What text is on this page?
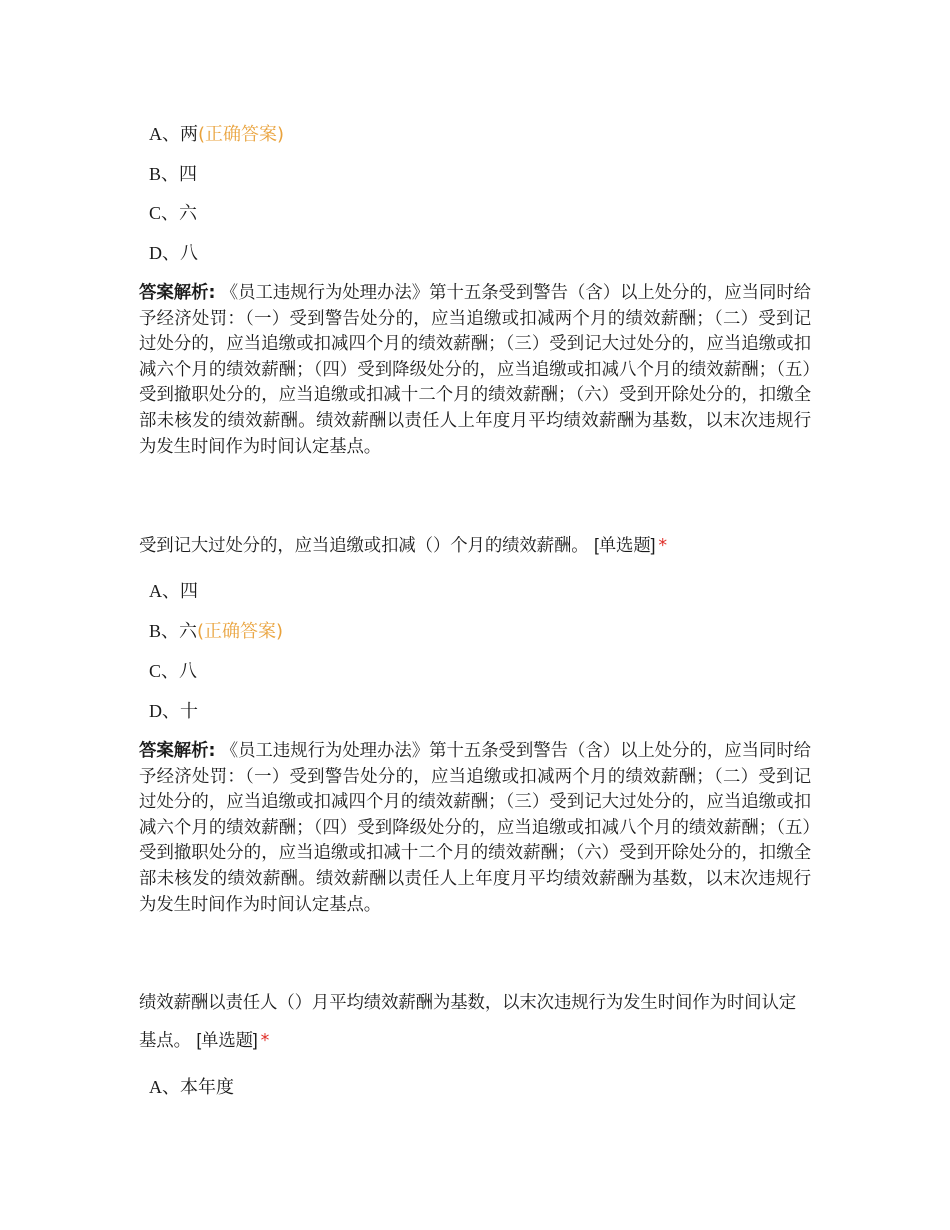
A、两(正确答案)
B、四
C、六
D、八
答案解析: 《员工违规行为处理办法》第十五条受到警告（含）以上处分的，应当同时给予经济处罚：（一）受到警告处分的，应当追缴或扣减两个月的绩效薪酬；（二）受到记过处分的，应当追缴或扣减四个月的绩效薪酬；（三）受到记大过处分的，应当追缴或扣减六个月的绩效薪酬；（四）受到降级处分的，应当追缴或扣减八个月的绩效薪酬；（五）受到撤职处分的，应当追缴或扣减十二个月的绩效薪酬；（六）受到开除处分的，扣缴全部未核发的绩效薪酬。绩效薪酬以责任人上年度月平均绩效薪酬为基数，以末次违规行为发生时间作为时间认定基点。
受到记大过处分的，应当追缴或扣减（）个月的绩效薪酬。 [单选题] *
A、四
B、六(正确答案)
C、八
D、十
答案解析: 《员工违规行为处理办法》第十五条受到警告（含）以上处分的，应当同时给予经济处罚：（一）受到警告处分的，应当追缴或扣减两个月的绩效薪酬；（二）受到记过处分的，应当追缴或扣减四个月的绩效薪酬；（三）受到记大过处分的，应当追缴或扣减六个月的绩效薪酬；（四）受到降级处分的，应当追缴或扣减八个月的绩效薪酬；（五）受到撤职处分的，应当追缴或扣减十二个月的绩效薪酬；（六）受到开除处分的，扣缴全部未核发的绩效薪酬。绩效薪酬以责任人上年度月平均绩效薪酬为基数，以末次违规行为发生时间作为时间认定基点。
绩效薪酬以责任人（）月平均绩效薪酬为基数，以末次违规行为发生时间作为时间认定基点。 [单选题] *
A、本年度
